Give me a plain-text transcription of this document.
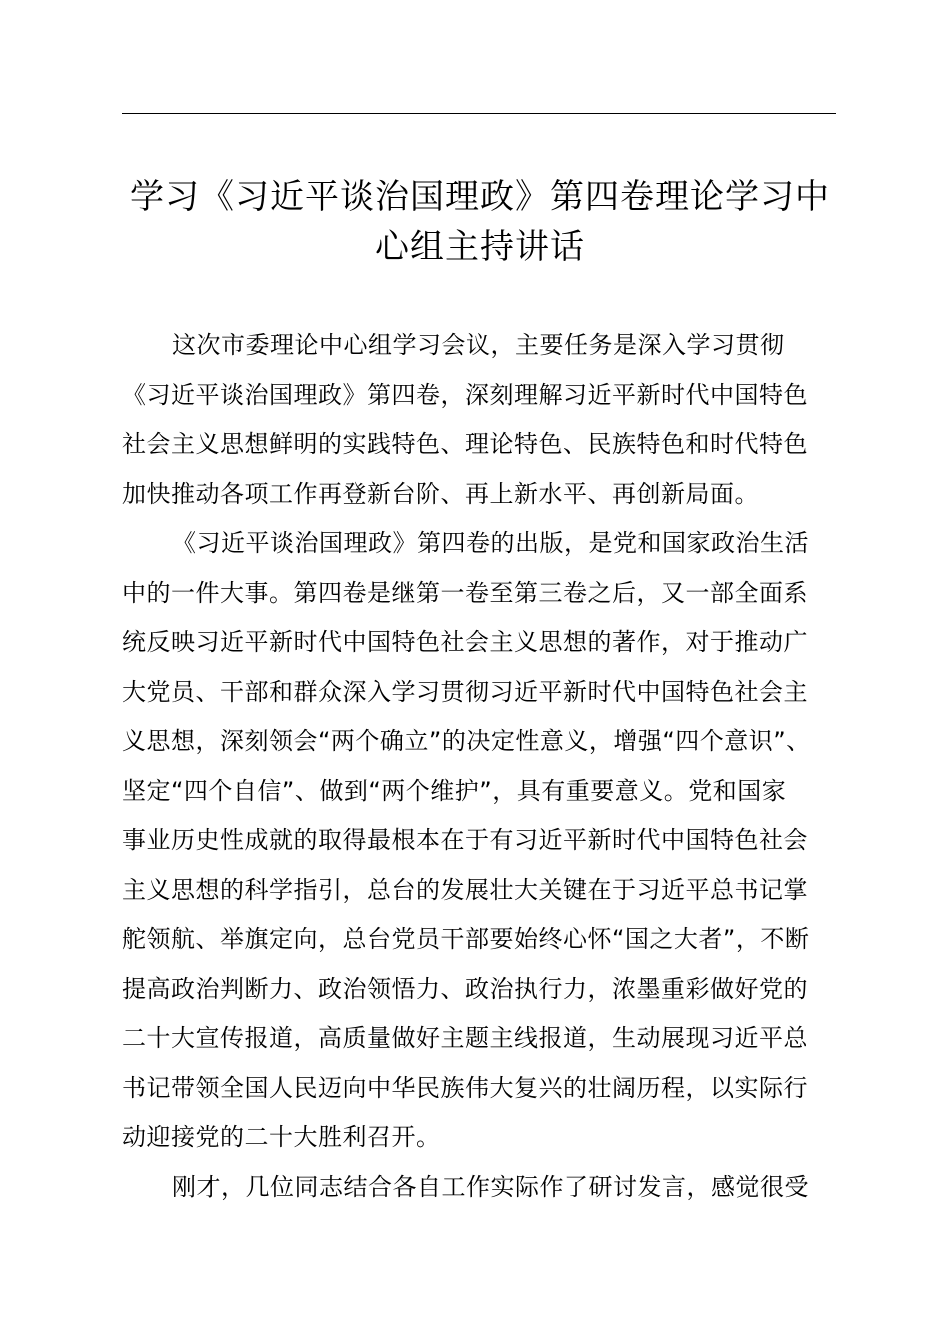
学习《习近平谈治国理政》第四卷理论学习中
心组主持讲话

这次市委理论中心组学习会议，主要任务是深入学习贯彻
《习近平谈治国理政》第四卷，深刻理解习近平新时代中国特色
社会主义思想鲜明的实践特色、理论特色、民族特色和时代特色
加快推动各项工作再登新台阶、再上新水平、再创新局面。

《习近平谈治国理政》第四卷的出版，是党和国家政治生活
中的一件大事。第四卷是继第一卷至第三卷之后，又一部全面系
统反映习近平新时代中国特色社会主义思想的著作，对于推动广
大党员、干部和群众深入学习贯彻习近平新时代中国特色社会主
义思想，深刻领会“两个确立”的决定性意义，增强“四个意识”、
坚定“四个自信”、做到“两个维护”，具有重要意义。党和国家
事业历史性成就的取得最根本在于有习近平新时代中国特色社会
主义思想的科学指引，总台的发展壮大关键在于习近平总书记掌
舵领航、举旗定向，总台党员干部要始终心怀“国之大者”，不断
提高政治判断力、政治领悟力、政治执行力，浓墨重彩做好党的
二十大宣传报道，高质量做好主题主线报道，生动展现习近平总
书记带领全国人民迈向中华民族伟大复兴的壮阔历程，以实际行
动迎接党的二十大胜利召开。

刚才，几位同志结合各自工作实际作了研讨发言，感觉很受
